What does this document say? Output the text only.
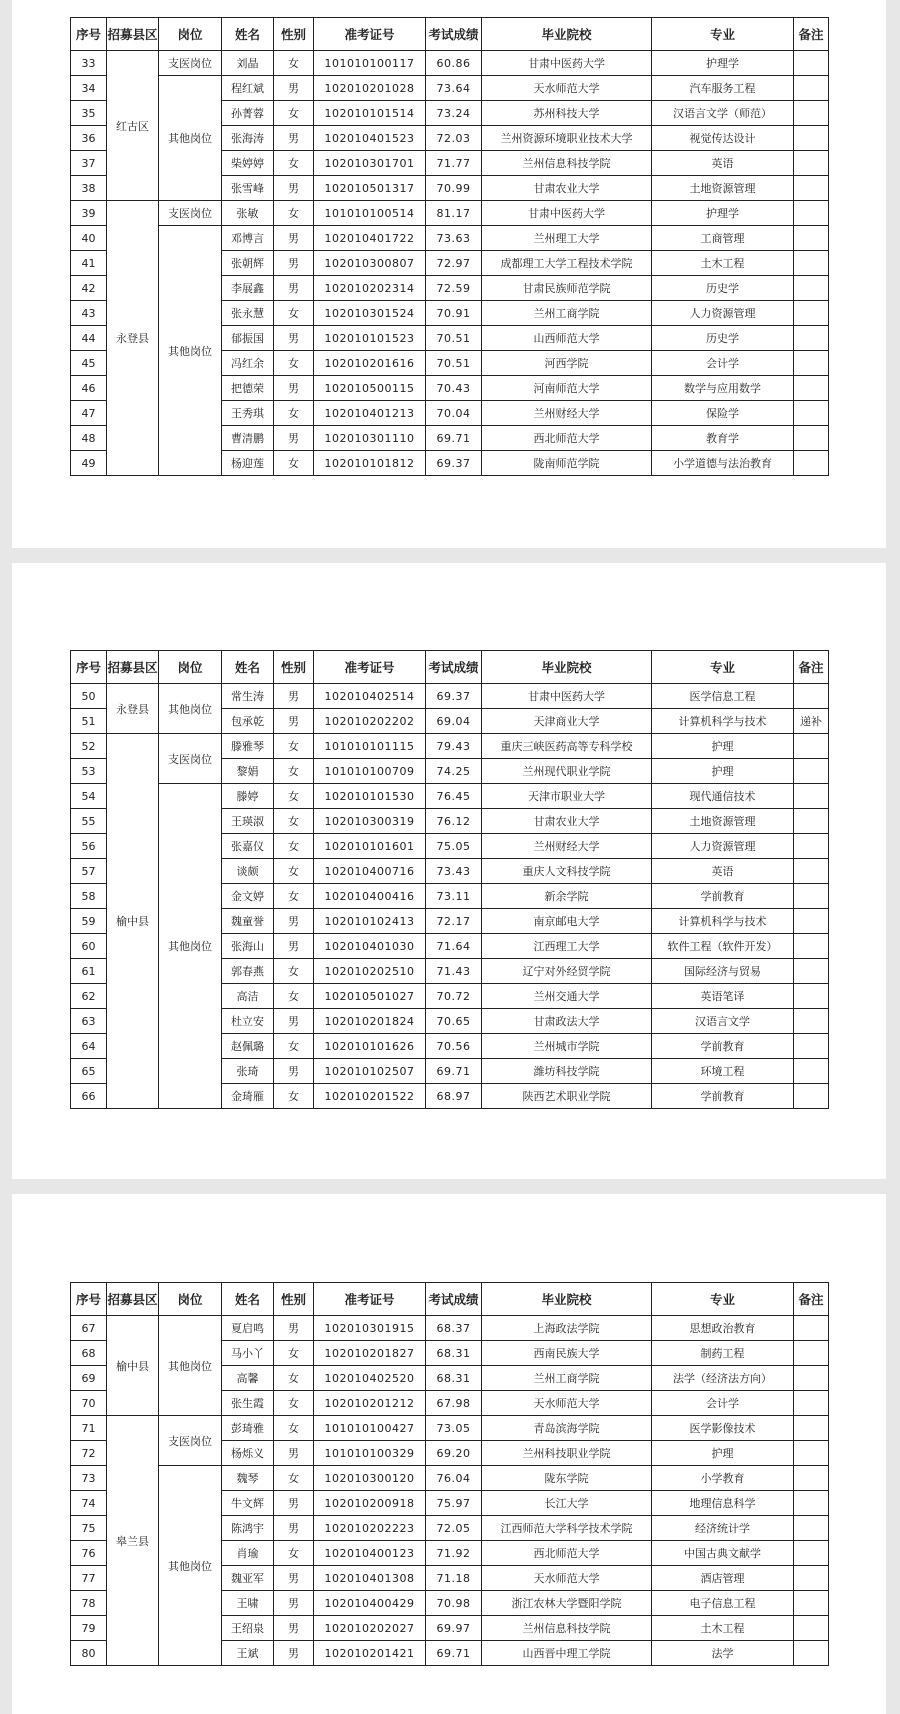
序号	招募县区	岗位	姓名	性别	准考证号	考试成绩	毕业院校	专业	备注
33	红古区	支医岗位	刘晶	女	101010100117	60.86	甘肃中医药大学	护理学	
34		其他岗位	程红斌	男	102010201028	73.64	天水师范大学	汽车服务工程	
35			孙菁蓉	女	102010101514	73.24	苏州科技大学	汉语言文学（师范）	
36			张海涛	男	102010401523	72.03	兰州资源环境职业技术大学	视觉传达设计	
37			柴婷婷	女	102010301701	71.77	兰州信息科技学院	英语	
38			张雪峰	男	102010501317	70.99	甘肃农业大学	土地资源管理	
39	永登县	支医岗位	张敏	女	101010100514	81.17	甘肃中医药大学	护理学	
40		其他岗位	邓博言	男	102010401722	73.63	兰州理工大学	工商管理	
41			张朝辉	男	102010300807	72.97	成都理工大学工程技术学院	土木工程	
42			李展鑫	男	102010202314	72.59	甘肃民族师范学院	历史学	
43			张永慧	女	102010301524	70.91	兰州工商学院	人力资源管理	
44			郁振国	男	102010101523	70.51	山西师范大学	历史学	
45			冯红余	女	102010201616	70.51	河西学院	会计学	
46			把德荣	男	102010500115	70.43	河南师范大学	数学与应用数学	
47			王秀琪	女	102010401213	70.04	兰州财经大学	保险学	
48			曹清鹏	男	102010301110	69.71	西北师范大学	教育学	
49			杨迎莲	女	102010101812	69.37	陇南师范学院	小学道德与法治教育	
序号	招募县区	岗位	姓名	性别	准考证号	考试成绩	毕业院校	专业	备注
50	永登县	其他岗位	常生涛	男	102010402514	69.37	甘肃中医药大学	医学信息工程	
51			包承乾	男	102010202202	69.04	天津商业大学	计算机科学与技术	递补
52	榆中县	支医岗位	滕雅琴	女	101010101115	79.43	重庆三峡医药高等专科学校	护理	
53			黎娟	女	101010100709	74.25	兰州现代职业学院	护理	
54		其他岗位	滕婷	女	102010101530	76.45	天津市职业大学	现代通信技术	
55			王瑛淑	女	102010300319	76.12	甘肃农业大学	土地资源管理	
56			张嘉仪	女	102010101601	75.05	兰州财经大学	人力资源管理	
57			谈颇	女	102010400716	73.43	重庆人文科技学院	英语	
58			金文婷	女	102010400416	73.11	新余学院	学前教育	
59			魏童誉	男	102010102413	72.17	南京邮电大学	计算机科学与技术	
60			张海山	男	102010401030	71.64	江西理工大学	软件工程（软件开发）	
61			郭春燕	女	102010202510	71.43	辽宁对外经贸学院	国际经济与贸易	
62			高洁	女	102010501027	70.72	兰州交通大学	英语笔译	
63			杜立安	男	102010201824	70.65	甘肃政法大学	汉语言文学	
64			赵佩璐	女	102010101626	70.56	兰州城市学院	学前教育	
65			张琦	男	102010102507	69.71	潍坊科技学院	环境工程	
66			金琦雁	女	102010201522	68.97	陕西艺术职业学院	学前教育	
序号	招募县区	岗位	姓名	性别	准考证号	考试成绩	毕业院校	专业	备注
67	榆中县	其他岗位	夏启鸣	男	102010301915	68.37	上海政法学院	思想政治教育	
68			马小丫	女	102010201827	68.31	西南民族大学	制药工程	
69			高馨	女	102010402520	68.31	兰州工商学院	法学（经济法方向）	
70			张生霞	女	102010201212	67.98	天水师范大学	会计学	
71	皋兰县	支医岗位	彭琦雅	女	101010100427	73.05	青岛滨海学院	医学影像技术	
72			杨烁义	男	101010100329	69.20	兰州科技职业学院	护理	
73		其他岗位	魏琴	女	102010300120	76.04	陇东学院	小学教育	
74			牛文辉	男	102010200918	75.97	长江大学	地理信息科学	
75			陈鸿宇	男	102010202223	72.05	江西师范大学科学技术学院	经济统计学	
76			肖瑜	女	102010400123	71.92	西北师范大学	中国古典文献学	
77			魏亚军	男	102010401308	71.18	天水师范大学	酒店管理	
78			王啸	男	102010400429	70.98	浙江农林大学暨阳学院	电子信息工程	
79			王绍泉	男	102010202027	69.97	兰州信息科技学院	土木工程	
80			王斌	男	102010201421	69.71	山西晋中理工学院	法学	
